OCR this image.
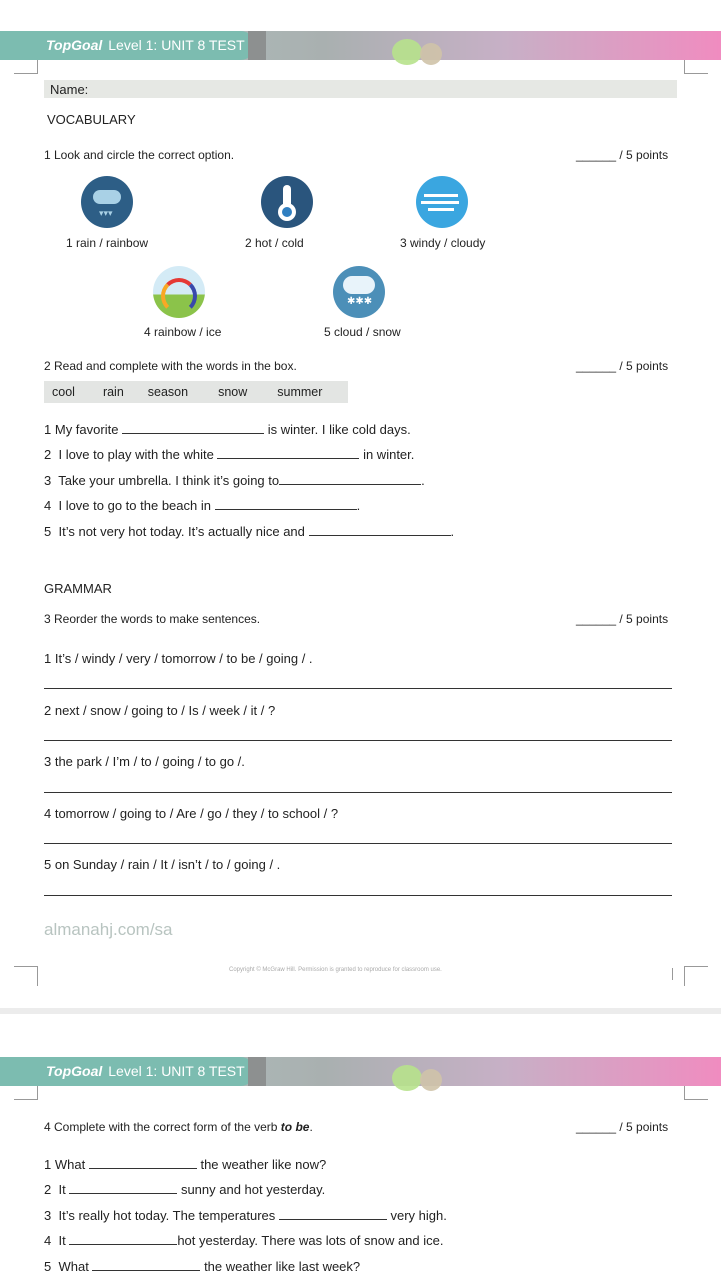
TopGoal Level 1: UNIT 8 TEST
Name:
VOCABULARY
1 Look and circle the correct option.	______ / 5 points
▾▾▾
1 rain / rainbow	2 hot / cold	3 windy / cloudy
✱✱✱
4 rainbow / ice	5 cloud / snow
2 Read and complete with the words in the box.	______ / 5 points
cool rain season snow summer
1 My favorite	is winter. I like cold days.
2 I love to play with the white	in winter.
3 Take your umbrella. I think it’s going to	.
4 I love to go to the beach in	.
5 It’s not very hot today. It’s actually nice and	.
GRAMMAR
3 Reorder the words to make sentences.	______ / 5 points
1 It’s / windy / very / tomorrow / to be / going / .
2 next / snow / going to / Is / week / it / ?
3 the park / I’m / to / going / to go /.
4 tomorrow / going to / Are / go / they / to school / ?
5 on Sunday / rain / It / isn’t / to / going / .
almanahj.com/sa
Copyright © McGraw Hill. Permission is granted to reproduce for classroom use.
TopGoal Level 1: UNIT 8 TEST
4 Complete with the correct form of the verb to be.	______ / 5 points
1 What	the weather like now?
2 It	sunny and hot yesterday.
3 It’s really hot today. The temperatures	very high.
4 It	hot yesterday. There was lots of snow and ice.
5 What	the weather like last week?
